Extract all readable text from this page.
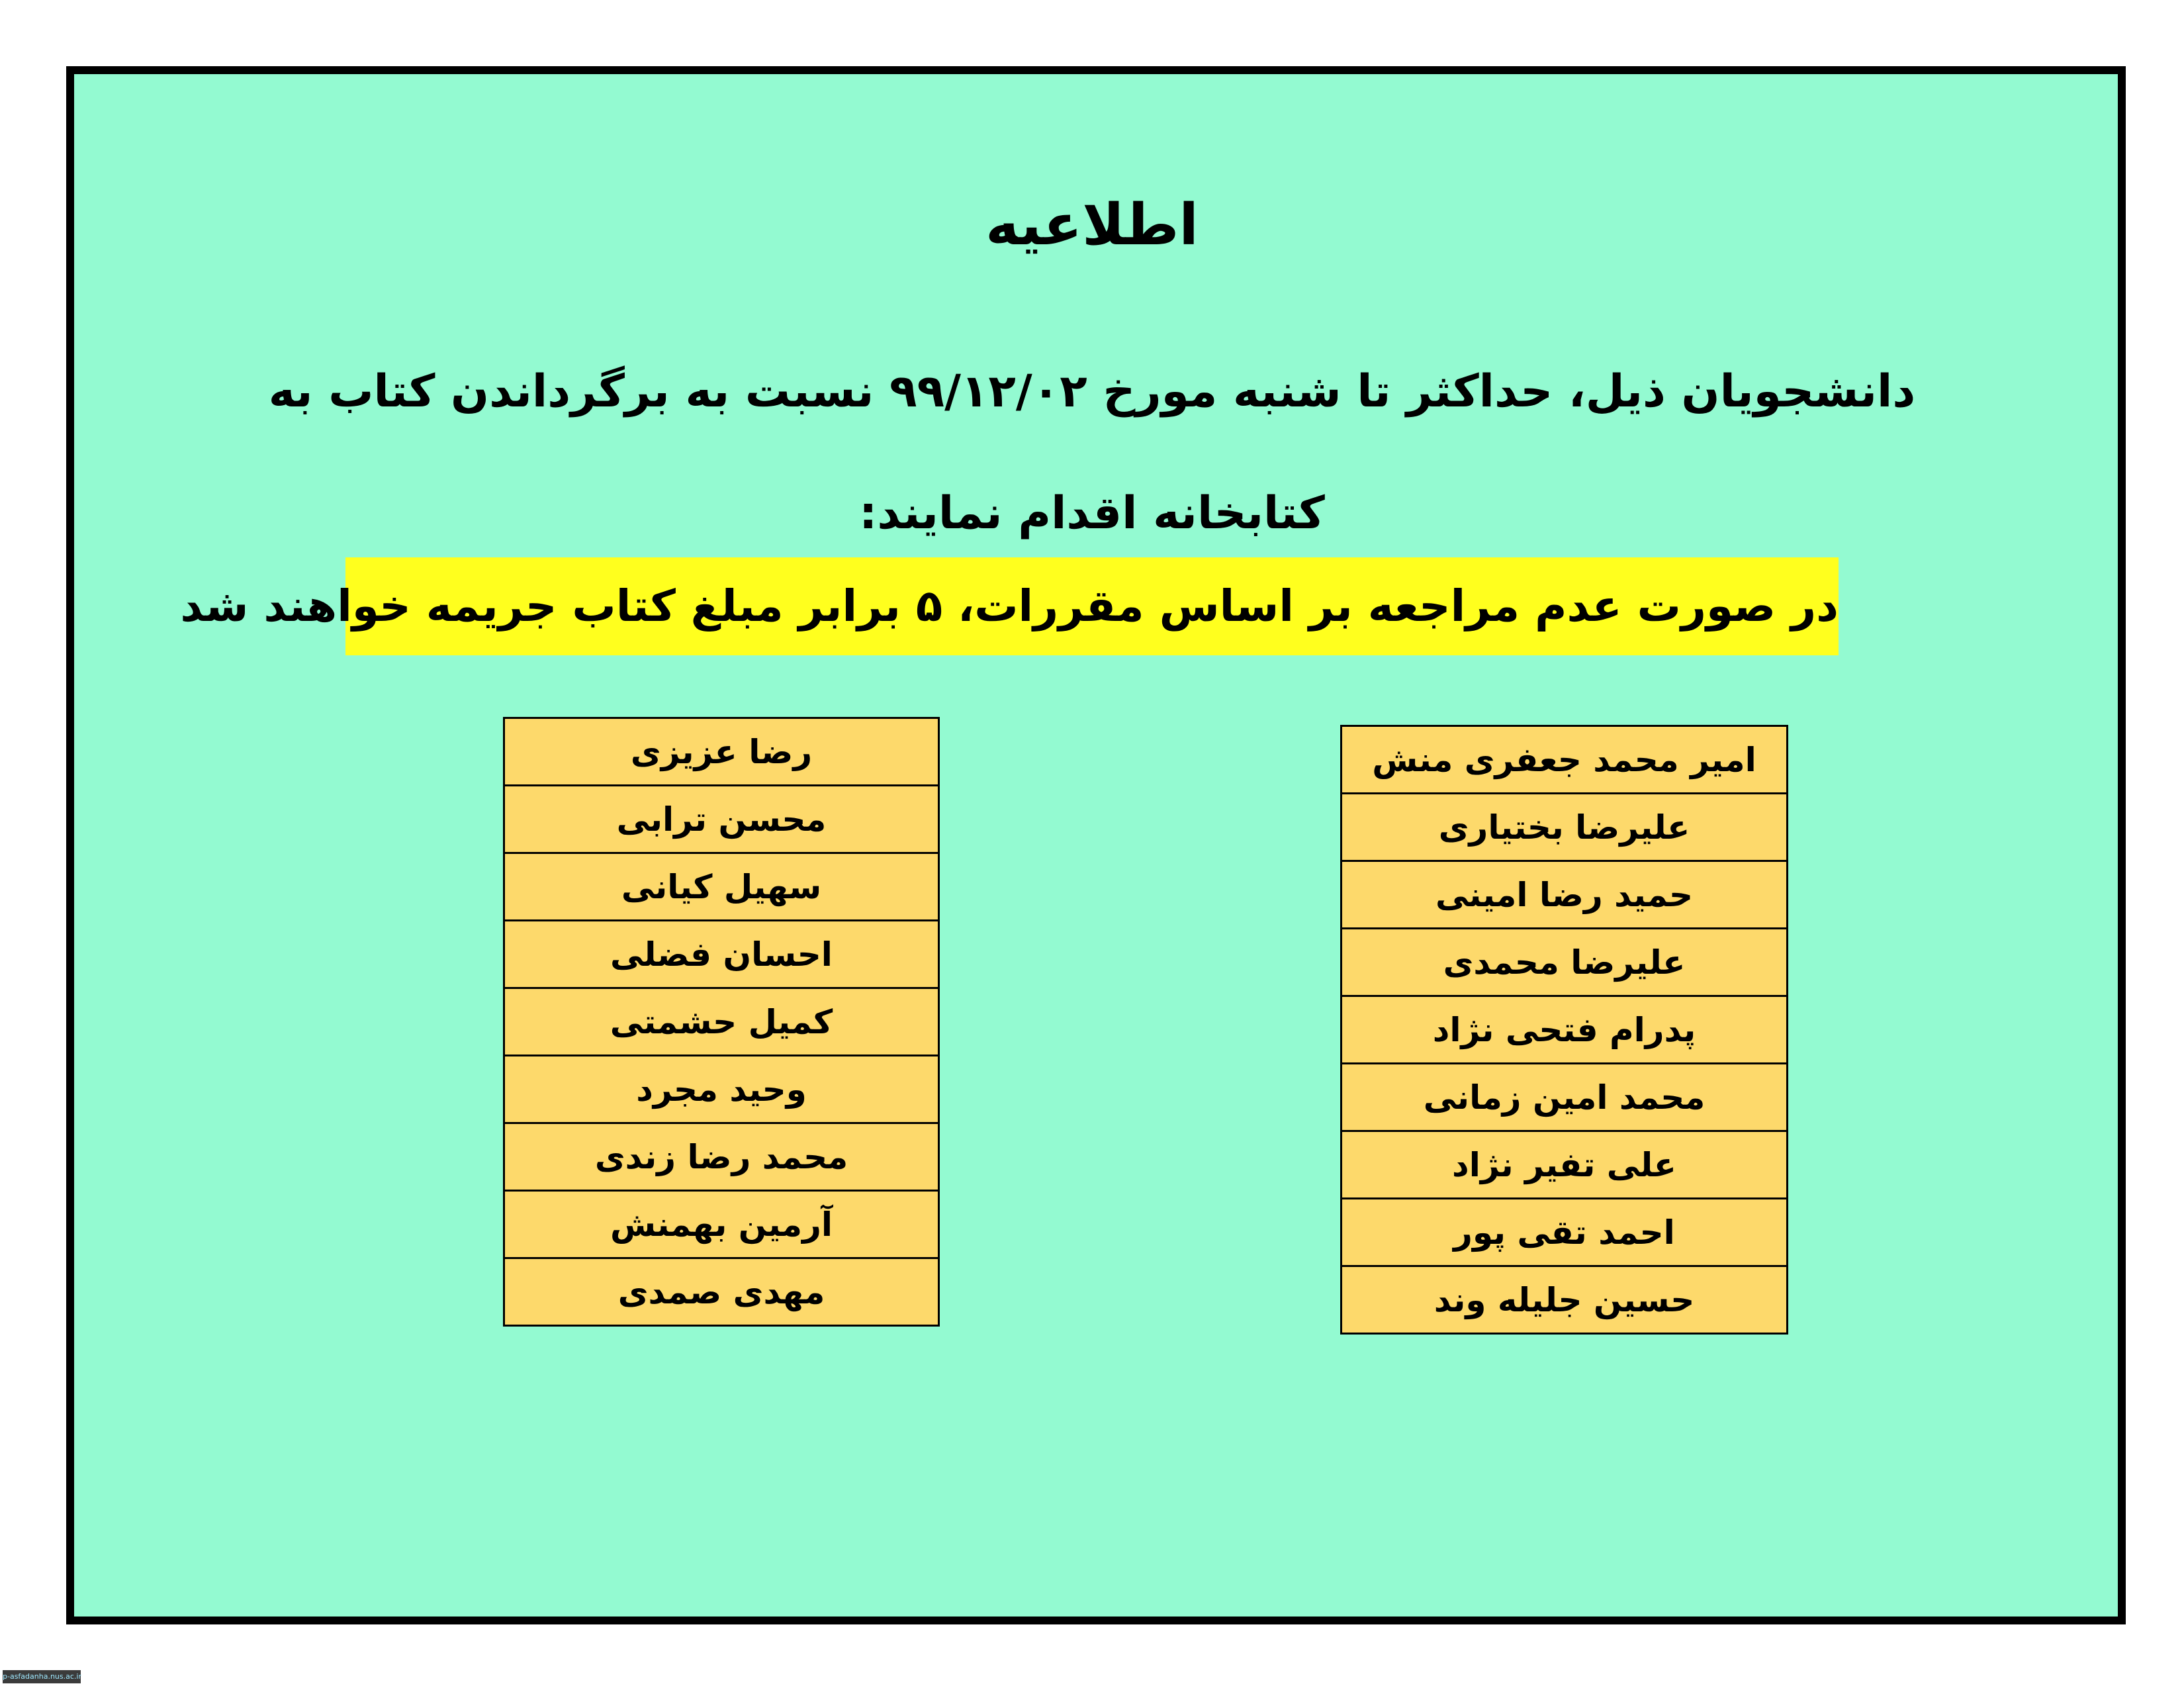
اطلاعیه
دانشجویان ذیل، حداکثر تا شنبه مورخ ۹۹/۱۲/۰۲ نسبت به برگرداندن کتاب به کتابخانه اقدام نمایند:
در صورت عدم مراجعه بر اساس مقررات، ۵ برابر مبلغ کتاب جریمه خواهند شد
رضا عزیزی
محسن ترابی
سهیل کیانی
احسان فضلی
کمیل حشمتی
وحید مجرد
محمد رضا زندی
آرمین بهمنش
مهدی صمدی
امیر محمد جعفری منش
علیرضا بختیاری
حمید رضا امینی
علیرضا محمدی
پدرام فتحی نژاد
محمد امین زمانی
علی تفیر نژاد
احمد تقی پور
حسین جلیله وند
p-asfadanha.nus.ac.ir
